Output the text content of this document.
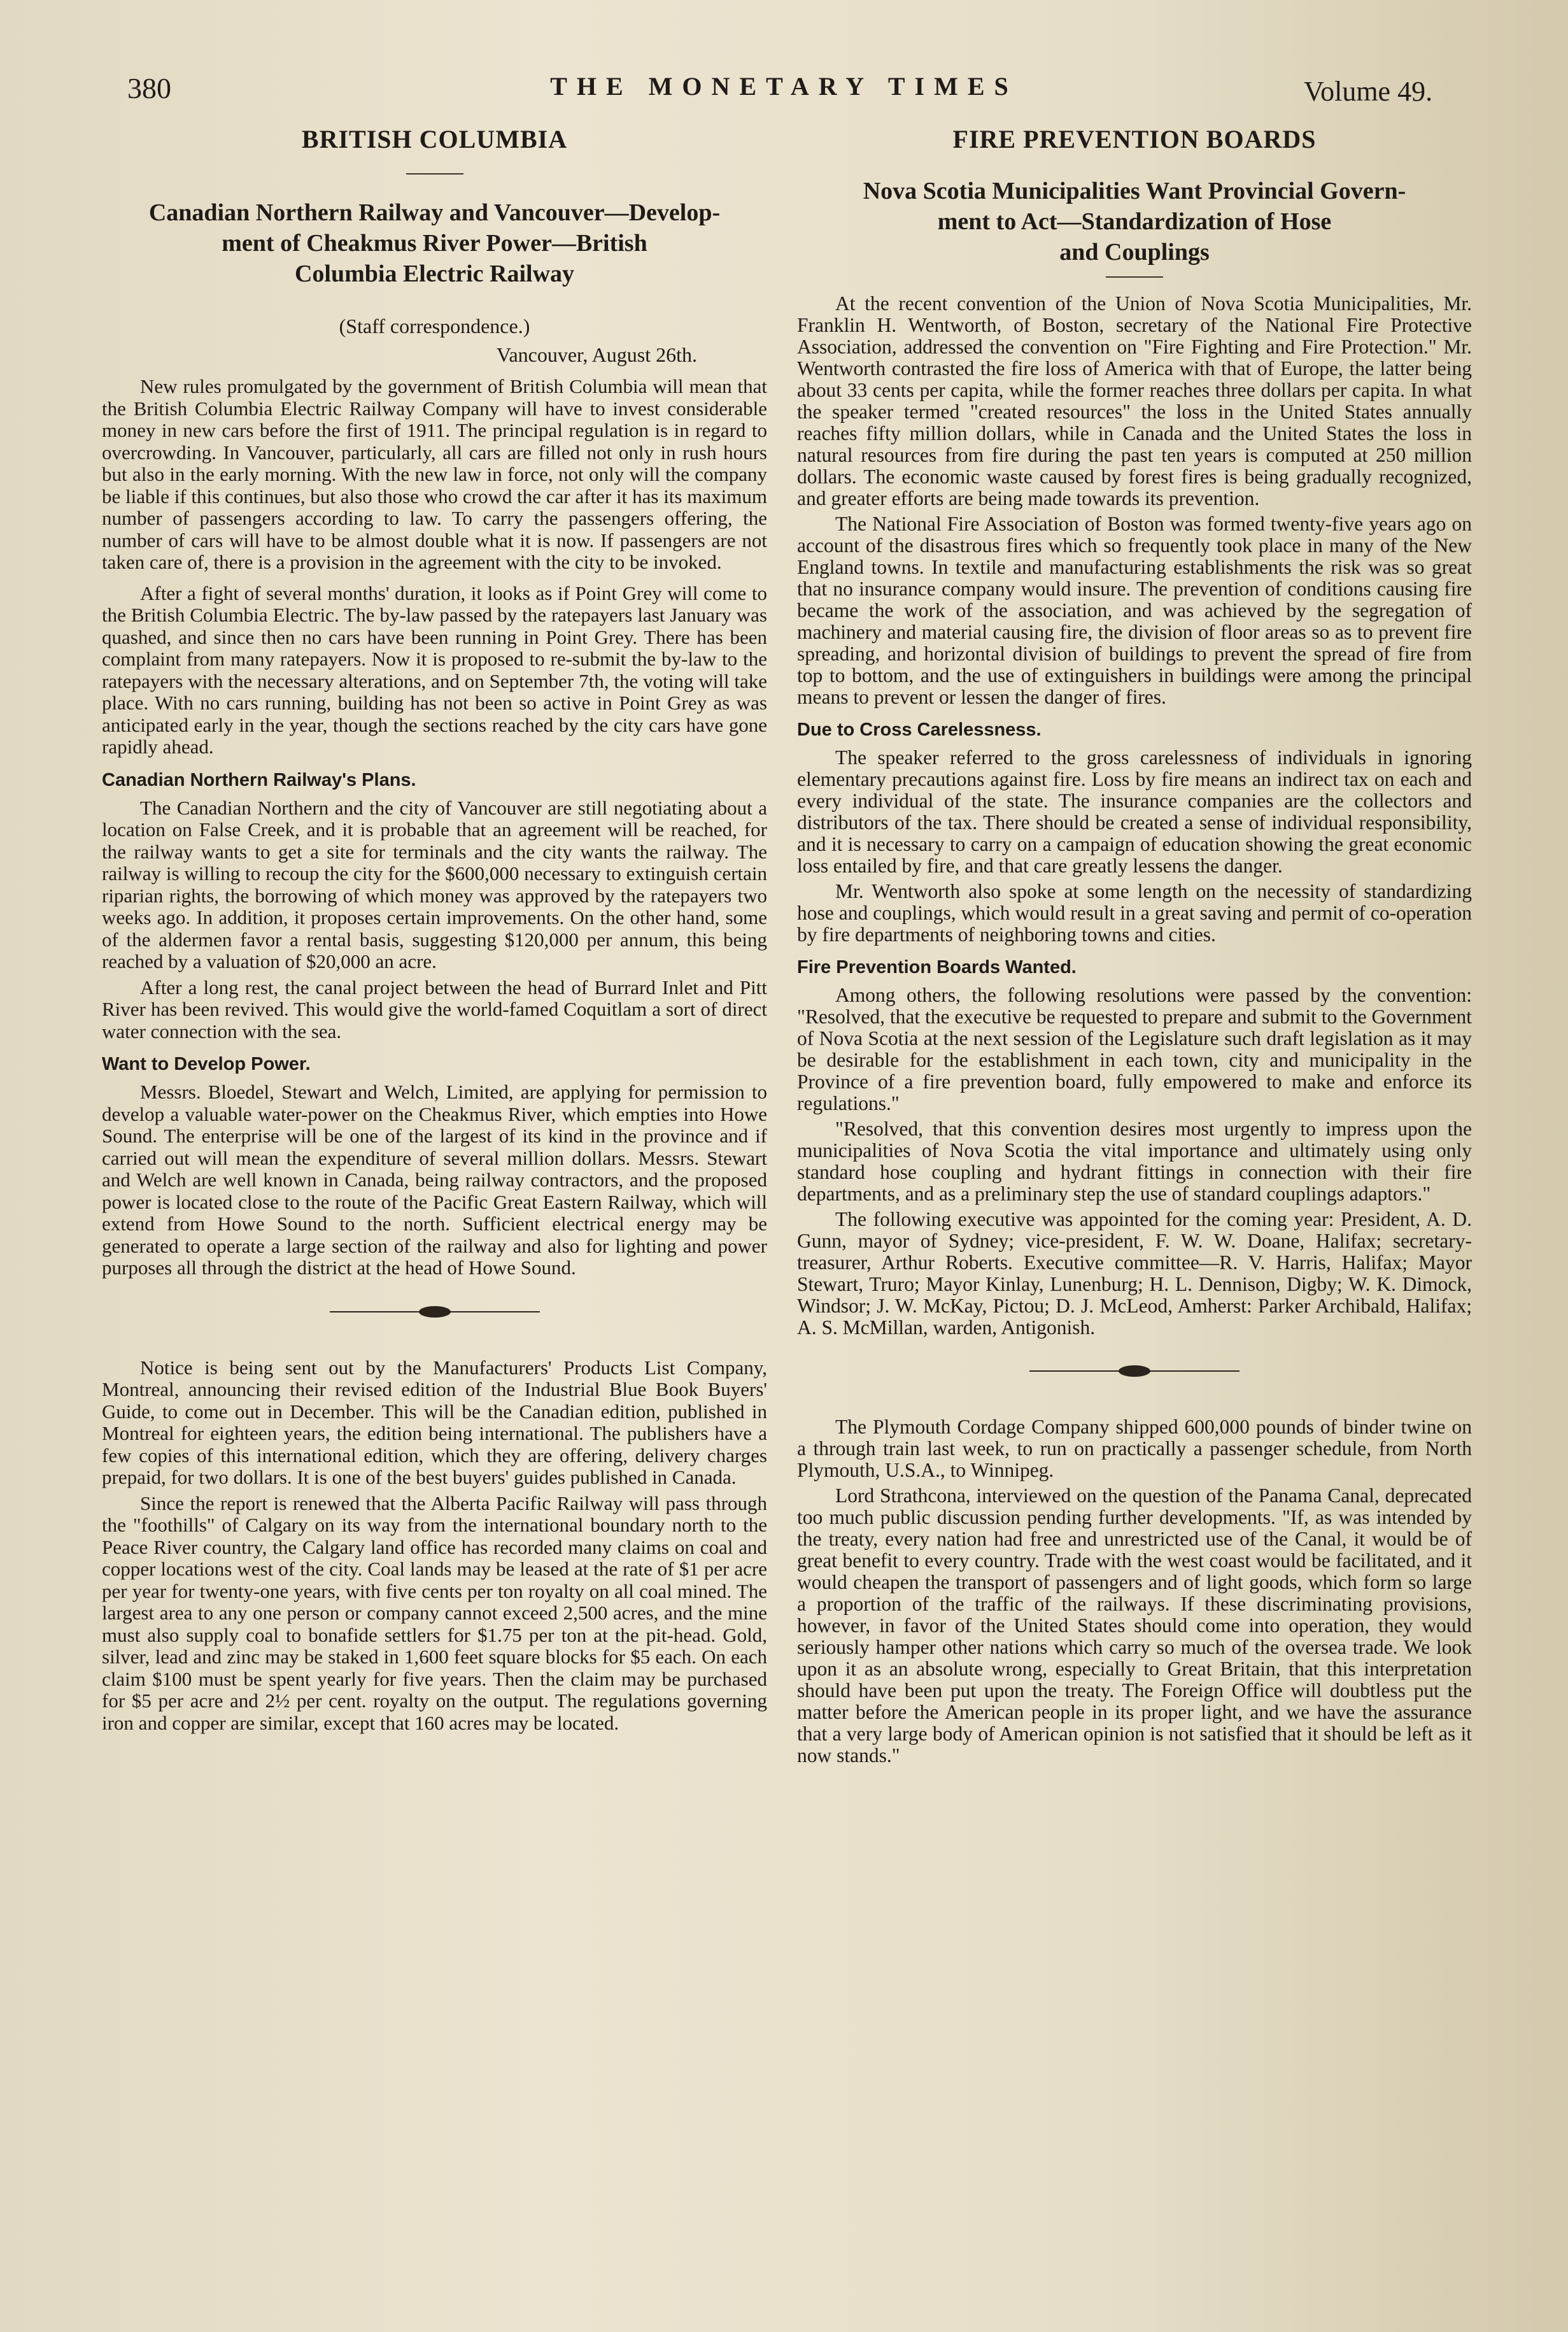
THE MONETARY TIMES
380	Volume 49.
BRITISH COLUMBIA
Canadian Northern Railway and Vancouver—Develop-
ment of Cheakmus River Power—British
Columbia Electric Railway
(Staff correspondence.)
Vancouver, August 26th.

New rules promulgated by the government of British Columbia will mean that the British Columbia Electric Railway Company will have to invest considerable money in new cars before the first of 1911. The principal regulation is in regard to overcrowding. In Vancouver, particularly, all cars are filled not only in rush hours but also in the early morning. With the new law in force, not only will the company be liable if this continues, but also those who crowd the car after it has its maximum number of passengers according to law. To carry the passengers offering, the number of cars will have to be almost double what it is now. If passengers are not taken care of, there is a provision in the agreement with the city to be invoked.

After a fight of several months' duration, it looks as if Point Grey will come to the British Columbia Electric. The by-law passed by the ratepayers last January was quashed, and since then no cars have been running in Point Grey. There has been complaint from many ratepayers. Now it is proposed to re-submit the by-law to the ratepayers with the necessary alterations, and on September 7th, the voting will take place. With no cars running, building has not been so active in Point Grey as was anticipated early in the year, though the sections reached by the city cars have gone rapidly ahead.

Canadian Northern Railway's Plans.

The Canadian Northern and the city of Vancouver are still negotiating about a location on False Creek, and it is probable that an agreement will be reached, for the railway wants to get a site for terminals and the city wants the railway. The railway is willing to recoup the city for the $600,000 necessary to extinguish certain riparian rights, the borrowing of which money was approved by the ratepayers two weeks ago. In addition, it proposes certain improvements. On the other hand, some of the aldermen favor a rental basis, suggesting $120,000 per annum, this being reached by a valuation of $20,000 an acre.

After a long rest, the canal project between the head of Burrard Inlet and Pitt River has been revived. This would give the world-famed Coquitlam a sort of direct water connection with the sea.

Want to Develop Power.

Messrs. Bloedel, Stewart and Welch, Limited, are applying for permission to develop a valuable water-power on the Cheakmus River, which empties into Howe Sound. The enterprise will be one of the largest of its kind in the province and if carried out will mean the expenditure of several million dollars. Messrs. Stewart and Welch are well known in Canada, being railway contractors, and the proposed power is located close to the route of the Pacific Great Eastern Railway, which will extend from Howe Sound to the north. Sufficient electrical energy may be generated to operate a large section of the railway and also for lighting and power purposes all through the district at the head of Howe Sound.

Notice is being sent out by the Manufacturers' Products List Company, Montreal, announcing their revised edition of the Industrial Blue Book Buyers' Guide, to come out in December. This will be the Canadian edition, published in Montreal for eighteen years, the edition being international. The publishers have a few copies of this international edition, which they are offering, delivery charges prepaid, for two dollars. It is one of the best buyers' guides published in Canada.

Since the report is renewed that the Alberta Pacific Railway will pass through the "foothills" of Calgary on its way from the international boundary north to the Peace River country, the Calgary land office has recorded many claims on coal and copper locations west of the city. Coal lands may be leased at the rate of $1 per acre per year for twenty-one years, with five cents per ton royalty on all coal mined. The largest area to any one person or company cannot exceed 2,500 acres, and the mine must also supply coal to bonafide settlers for $1.75 per ton at the pit-head. Gold, silver, lead and zinc may be staked in 1,600 feet square blocks for $5 each. On each claim $100 must be spent yearly for five years. Then the claim may be purchased for $5 per acre and 2½ per cent. royalty on the output. The regulations governing iron and copper are similar, except that 160 acres may be located.

FIRE PREVENTION BOARDS
Nova Scotia Municipalities Want Provincial Govern-
ment to Act—Standardization of Hose
and Couplings

At the recent convention of the Union of Nova Scotia Municipalities, Mr. Franklin H. Wentworth, of Boston, secretary of the National Fire Protective Association, addressed the convention on "Fire Fighting and Fire Protection." Mr. Wentworth contrasted the fire loss of America with that of Europe, the latter being about 33 cents per capita, while the former reaches three dollars per capita. In what the speaker termed "created resources" the loss in the United States annually reaches fifty million dollars, while in Canada and the United States the loss in natural resources from fire during the past ten years is computed at 250 million dollars. The economic waste caused by forest fires is being gradually recognized, and greater efforts are being made towards its prevention.

The National Fire Association of Boston was formed twenty-five years ago on account of the disastrous fires which so frequently took place in many of the New England towns. In textile and manufacturing establishments the risk was so great that no insurance company would insure. The prevention of conditions causing fire became the work of the association, and was achieved by the segregation of machinery and material causing fire, the division of floor areas so as to prevent fire spreading, and horizontal division of buildings to prevent the spread of fire from top to bottom, and the use of extinguishers in buildings were among the principal means to prevent or lessen the danger of fires.

Due to Cross Carelessness.

The speaker referred to the gross carelessness of individuals in ignoring elementary precautions against fire. Loss by fire means an indirect tax on each and every individual of the state. The insurance companies are the collectors and distributors of the tax. There should be created a sense of individual responsibility, and it is necessary to carry on a campaign of education showing the great economic loss entailed by fire, and that care greatly lessens the danger.

Mr. Wentworth also spoke at some length on the necessity of standardizing hose and couplings, which would result in a great saving and permit of co-operation by fire departments of neighboring towns and cities.

Fire Prevention Boards Wanted.

Among others, the following resolutions were passed by the convention: "Resolved, that the executive be requested to prepare and submit to the Government of Nova Scotia at the next session of the Legislature such draft legislation as it may be desirable for the establishment in each town, city and municipality in the Province of a fire prevention board, fully empowered to make and enforce its regulations."

"Resolved, that this convention desires most urgently to impress upon the municipalities of Nova Scotia the vital importance and ultimately using only standard hose coupling and hydrant fittings in connection with their fire departments, and as a preliminary step the use of standard couplings adaptors."

The following executive was appointed for the coming year: President, A. D. Gunn, mayor of Sydney; vice-president, F. W. W. Doane, Halifax; secretary-treasurer, Arthur Roberts. Executive committee—R. V. Harris, Halifax; Mayor Stewart, Truro; Mayor Kinlay, Lunenburg; H. L. Dennison, Digby; W. K. Dimock, Windsor; J. W. McKay, Pictou; D. J. McLeod, Amherst: Parker Archibald, Halifax; A. S. McMillan, warden, Antigonish.

The Plymouth Cordage Company shipped 600,000 pounds of binder twine on a through train last week, to run on practically a passenger schedule, from North Plymouth, U.S.A., to Winnipeg.

Lord Strathcona, interviewed on the question of the Panama Canal, deprecated too much public discussion pending further developments. "If, as was intended by the treaty, every nation had free and unrestricted use of the Canal, it would be of great benefit to every country. Trade with the west coast would be facilitated, and it would cheapen the transport of passengers and of light goods, which form so large a proportion of the traffic of the railways. If these discriminating provisions, however, in favor of the United States should come into operation, they would seriously hamper other nations which carry so much of the oversea trade. We look upon it as an absolute wrong, especially to Great Britain, that this interpretation should have been put upon the treaty. The Foreign Office will doubtless put the matter before the American people in its proper light, and we have the assurance that a very large body of American opinion is not satisfied that it should be left as it now stands."
